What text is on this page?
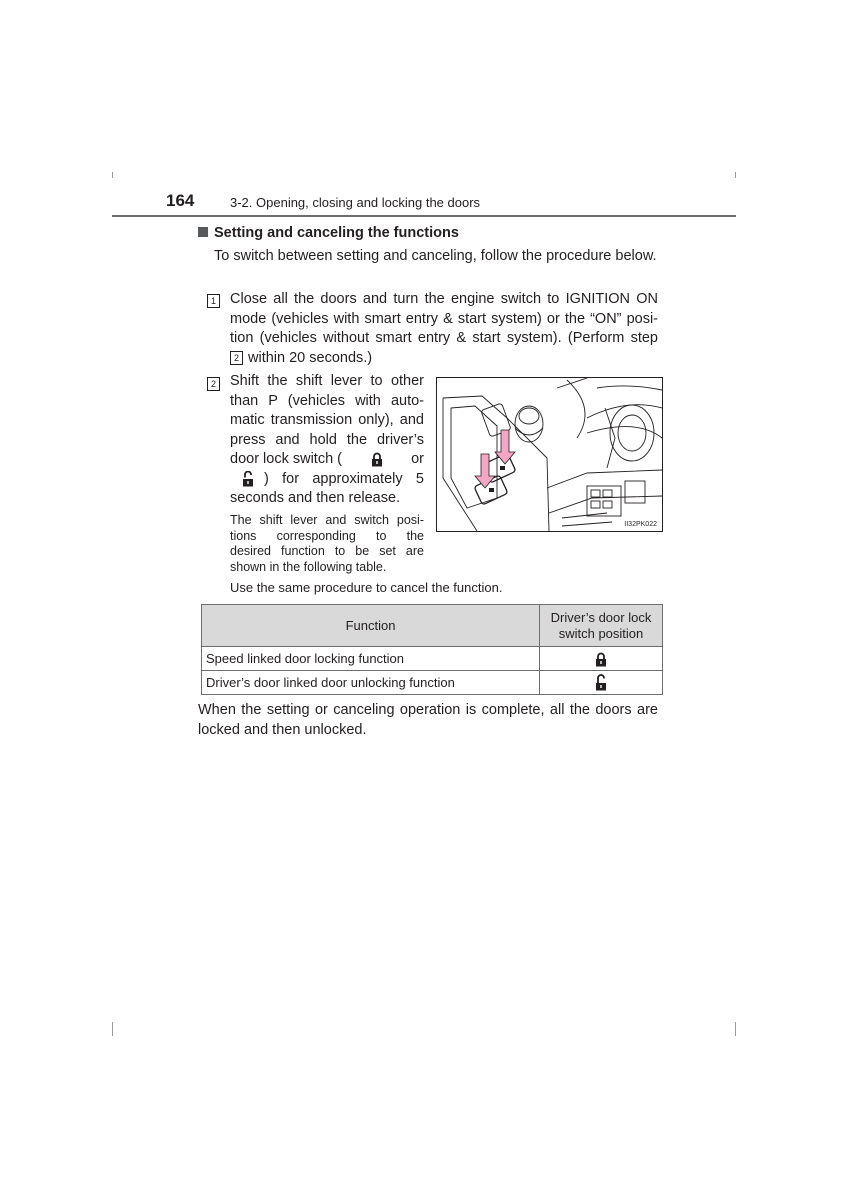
164	3-2. Opening, closing and locking the doors
Setting and canceling the functions
To switch between setting and canceling, follow the procedure below.
1 Close all the doors and turn the engine switch to IGNITION ON
mode (vehicles with smart entry & start system) or the “ON” posi-
tion (vehicles without smart entry & start system). (Perform step
2 within 20 seconds.)
2 Shift the shift lever to other
than P (vehicles with auto-
matic transmission only), and
press and hold the driver’s
door lock switch (	or
) for approximately 5
seconds and then release.
The shift lever and switch posi-
tions corresponding to the
desired function to be set are
shown in the following table.
II32PK022
Use the same procedure to cancel the function.
Function	Driver’s door lock
switch position

Speed linked door locking function	
Driver’s door linked door unlocking function	
When the setting or canceling operation is complete, all the doors are locked and then unlocked.
